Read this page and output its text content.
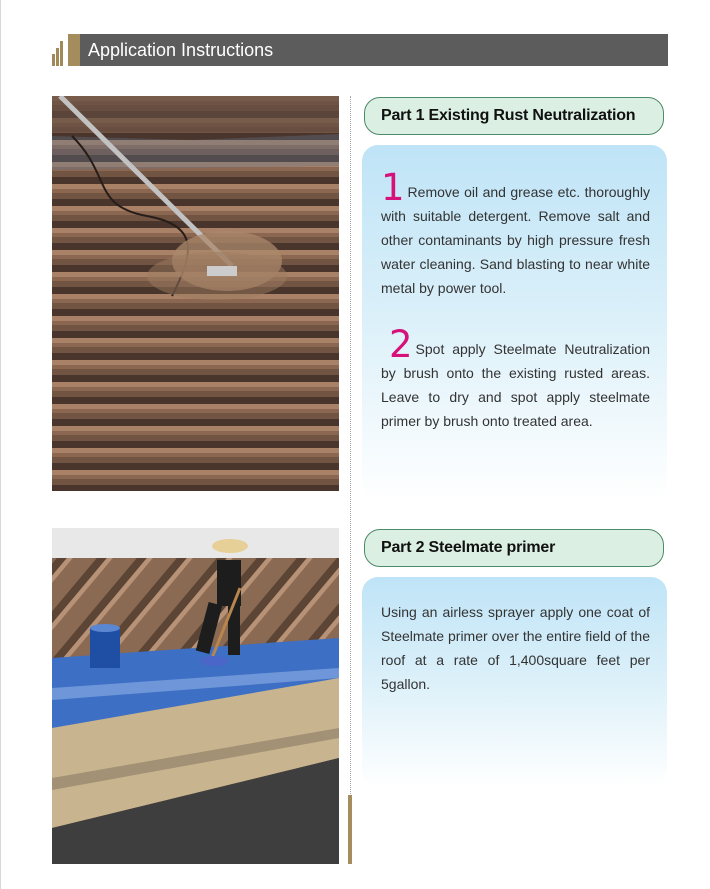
Application Instructions
Part 1 Existing Rust Neutralization
1 Remove oil and grease etc. thoroughly with suitable detergent. Remove salt and other contaminants by high pressure fresh water cleaning. Sand blasting to near white metal by power tool.
2 Spot apply Steelmate Neutralization by brush onto the existing rusted areas. Leave to dry and spot apply steelmate primer by brush onto treated area.
Part 2 Steelmate primer
Using an airless sprayer apply one coat of Steelmate primer over the entire field of the roof at a rate of 1,400square feet per 5gallon.
